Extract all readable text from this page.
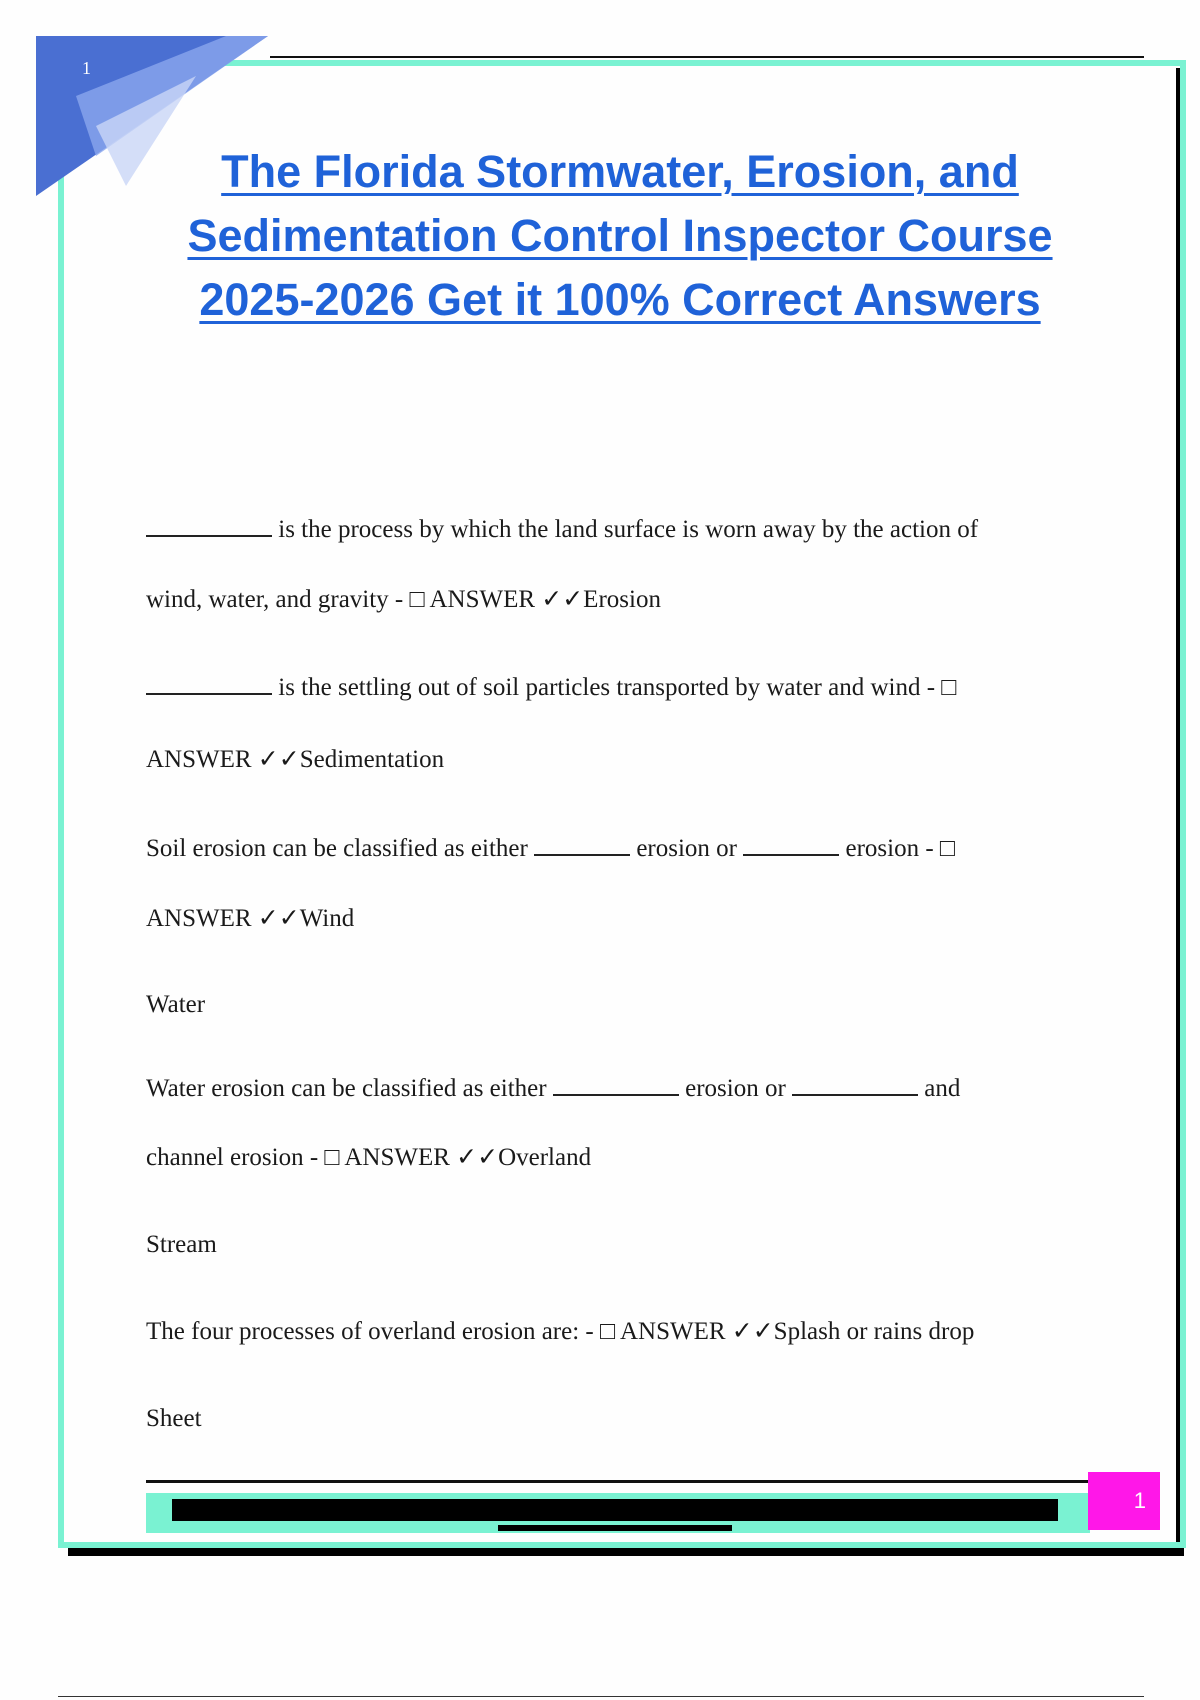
1
The Florida Stormwater, Erosion, and
Sedimentation Control Inspector Course
2025-2026 Get it 100% Correct Answers
is the process by which the land surface is worn away by the action of
wind, water, and gravity - □ ANSWER ✓✓Erosion
is the settling out of soil particles transported by water and wind - □
ANSWER ✓✓Sedimentation
Soil erosion can be classified as either	erosion or	erosion - □
ANSWER ✓✓Wind
Water
Water erosion can be classified as either	erosion or	and
channel erosion - □ ANSWER ✓✓Overland
Stream
The four processes of overland erosion are: - □ ANSWER ✓✓Splash or rains drop
Sheet
1
